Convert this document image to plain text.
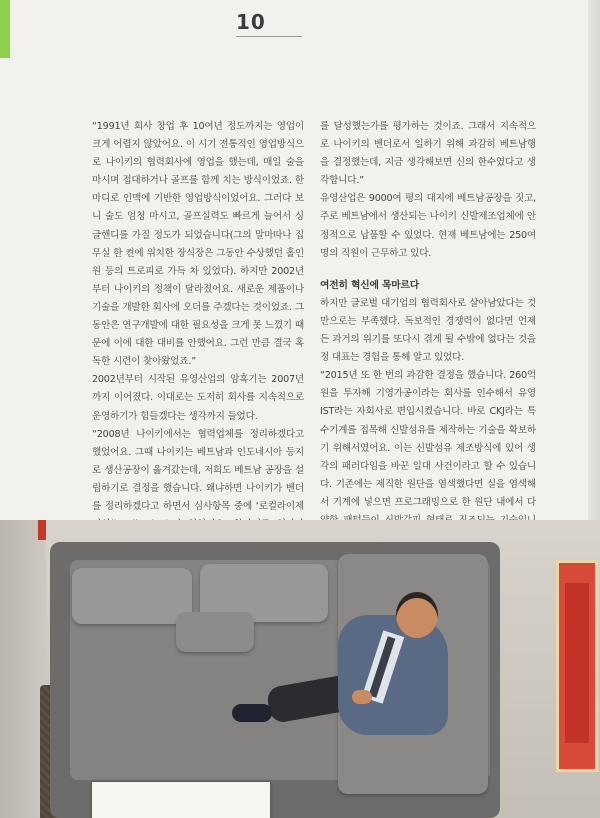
10

“1991년 회사 창업 후 10여년 정도까지는 영업이 크게 어렵지 않았어요. 이 시기 전통적인 영업방식으로 나이키의 협력회사에 영업을 했는데, 매일 술을 마시며 접대하거나 골프를 함께 치는 방식이었죠. 한마디로 인맥에 기반한 영업방식이었어요. 그러다 보니 술도 엄청 마시고, 골프실력도 빠르게 늘어서 싱글핸디를 가질 정도가 되었습니다(그의 말마따나 집무실 한 켠에 위치한 장식장은 그동안 수상했던 홀인원 등의 트로피로 가득 차 있었다). 하지만 2002년부터 나이키의 정책이 달라졌어요. 새로운 제품이나 기술을 개발한 회사에 오더를 주겠다는 것이었죠. 그동안은 연구개발에 대한 필요성을 크게 못 느꼈기 때문에 이에 대한 대비를 안했어요. 그런 만큼 결국 혹독한 시련이 찾아왔었죠.”

2002년부터 시작된 유영산업의 암흑기는 2007년까지 이어졌다. 이대로는 도저히 회사를 지속적으로 운영하기가 힘들겠다는 생각까지 들었다.

“2008년 나이키에서는 협력업체를 정리하겠다고 했었어요. 그때 나이키는 베트남과 인도네시아 등지로 생산공장이 옮겨갔는데, 저희도 베트남 공장을 설립하기로 결정을 했습니다. 왜냐하면 나이키가 벤더를 정리하겠다고 하면서 심사항목 중에 ‘로컬라이제

를 달성했는가를 평가하는 것이죠. 그래서 지속적으로 나이키의 벤더로서 일하기 위해 과감히 베트남행을 결정했는데, 지금 생각해보면 신의 한수였다고 생각합니다.”

유영산업은 9000여 평의 대지에 베트남공장을 짓고, 주로 베트남에서 생산되는 나이키 신발제조업체에 안정적으로 납품할 수 있었다. 현재 베트남에는 250여 명의 직원이 근무하고 있다.

여전히 혁신에 목마르다

하지만 글로벌 대기업의 협력회사로 살아남았다는 것만으로는 부족했다. 독보적인 경쟁력이 없다면 언제든 과거의 위기를 또다시 겪게 될 수밖에 없다는 것을 정 대표는 경험을 통해 알고 있었다.

“2015년 또 한 번의 과감한 결정을 했습니다. 260억 원을 투자해 기영가공이라는 회사를 인수해서 유영IST라는 자회사로 편입시켰습니다. 바로 CKJ라는 특수기계를 접목해 신발섬유를 제작하는 기술을 확보하기 위해서였어요. 이는 신발섬유 제조방식에 있어 생각의 패러다임을 바꾼 일대 사건이라고 할 수 있습니다. 기존에는 제직한 원단을 염색했다면 실을 염색해서 기계에 넣으면 프로그래밍으로 한 원단 내에서 다
